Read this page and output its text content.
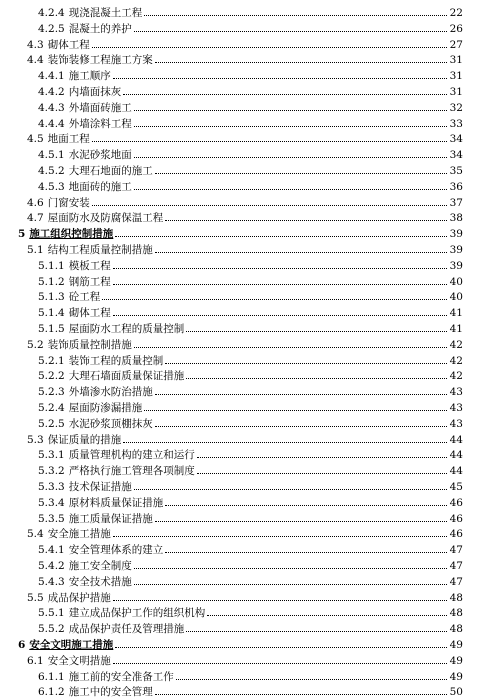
4.2.4 现浇混凝土工程	22
4.2.5 混凝土的养护	26
4.3 砌体工程	27
4.4 装饰装修工程施工方案	31
4.4.1 施工顺序	31
4.4.2 内墙面抹灰	31
4.4.3 外墙面砖施工	32
4.4.4 外墙涂料工程	33
4.5 地面工程	34
4.5.1 水泥砂浆地面	34
4.5.2 大理石地面的施工	35
4.5.3 地面砖的施工	36
4.6 门窗安装	37
4.7 屋面防水及防腐保温工程	38
5 施工组织控制措施	39
5.1 结构工程质量控制措施	39
5.1.1 模板工程	39
5.1.2 钢筋工程	40
5.1.3 砼工程	40
5.1.4 砌体工程	41
5.1.5 屋面防水工程的质量控制	41
5.2 装饰质量控制措施	42
5.2.1 装饰工程的质量控制	42
5.2.2 大理石墙面质量保证措施	42
5.2.3 外墙渗水防治措施	43
5.2.4 屋面防渗漏措施	43
5.2.5 水泥砂浆顶棚抹灰	43
5.3 保证质量的措施	44
5.3.1 质量管理机构的建立和运行	44
5.3.2 严格执行施工管理各项制度	44
5.3.3 技术保证措施	45
5.3.4 原材料质量保证措施	46
5.3.5 施工质量保证措施	46
5.4 安全施工措施	46
5.4.1 安全管理体系的建立	47
5.4.2 施工安全制度	47
5.4.3 安全技术措施	47
5.5 成品保护措施	48
5.5.1 建立成品保护工作的组织机构	48
5.5.2 成品保护责任及管理措施	48
6 安全文明施工措施	49
6.1 安全文明措施	49
6.1.1 施工前的安全准备工作	49
6.1.2 施工中的安全管理	50
